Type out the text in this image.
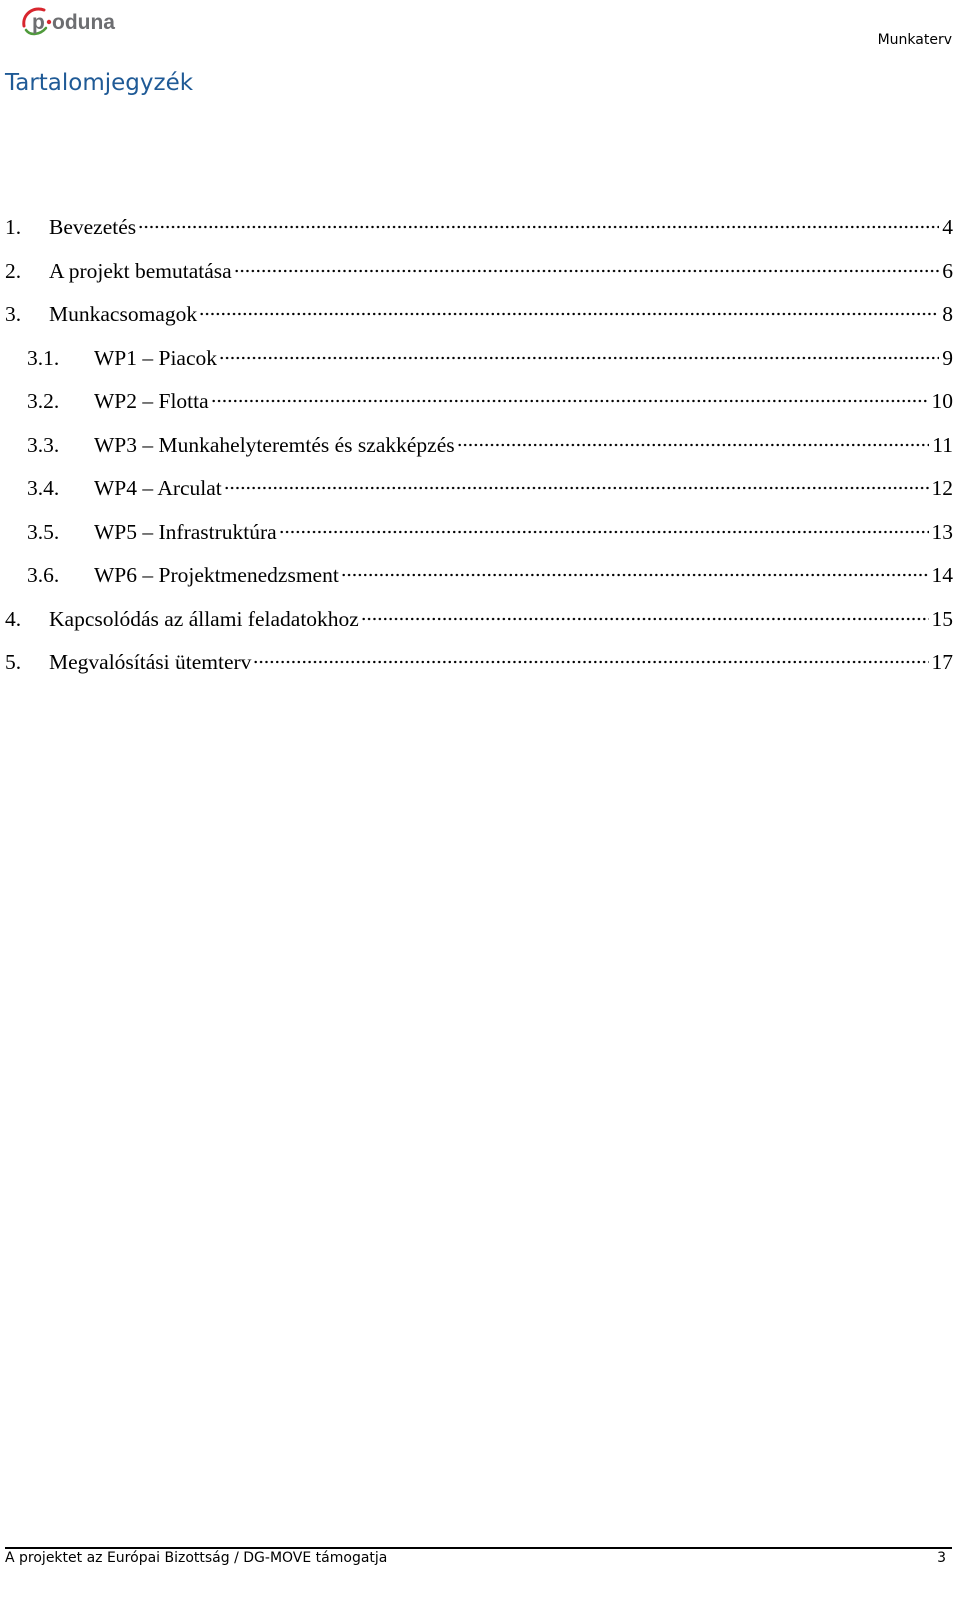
p oduna
Munkaterv
Tartalomjegyzék
1.	Bevezetés	4
2.	A projekt bemutatása	6
3.	Munkacsomagok	8
3.1.	WP1 – Piacok	9
3.2.	WP2 – Flotta	10
3.3.	WP3 – Munkahelyteremtés és szakképzés	11
3.4.	WP4 – Arculat	12
3.5.	WP5 – Infrastruktúra	13
3.6.	WP6 – Projektmenedzsment	14
4.	Kapcsolódás az állami feladatokhoz	15
5.	Megvalósítási ütemterv	17
A projektet az Európai Bizottság / DG-MOVE támogatja	3
